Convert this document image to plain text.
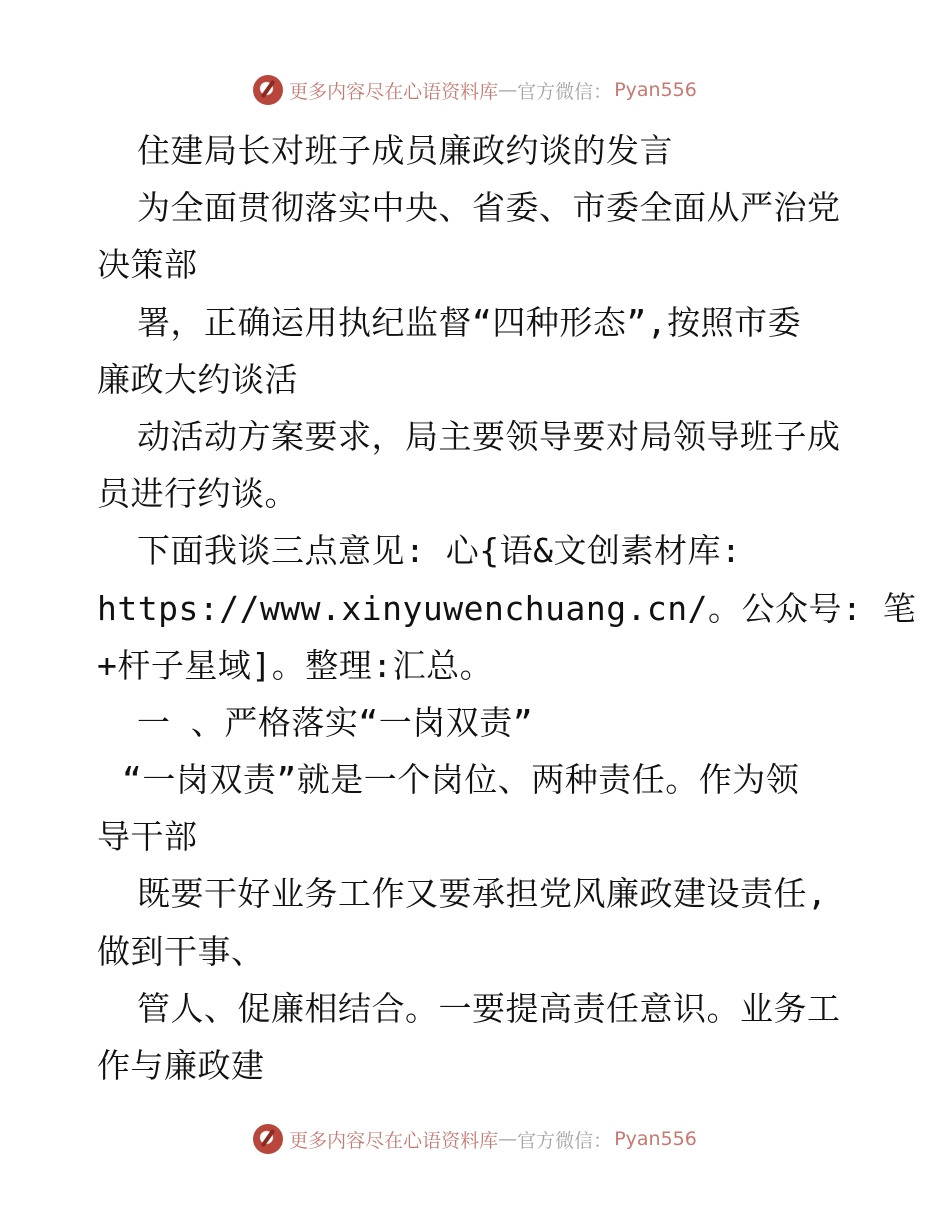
更多内容尽在心语资料库 — 官方微信： Pyan556
住建局长对班子成员廉政约谈的发言
为全面贯彻落实中央、省委、市委全面从严治党
决策部
署，正确运用执纪监督“四种形态”,按照市委
廉政大约谈活
动活动方案要求，局主要领导要对局领导班子成
员进行约谈。
下面我谈三点意见: 心{语&文创素材库:
https://www.xinyuwenchuang.cn/。公众号: 笔
+杆子星域]。整理:汇总。
一 、严格落实“一岗双责”
“一岗双责”就是一个岗位、两种责任。作为领
导干部
既要干好业务工作又要承担党风廉政建设责任,
做到干事、
管人、促廉相结合。一要提高责任意识。业务工
作与廉政建
更多内容尽在心语资料库 — 官方微信： Pyan556
